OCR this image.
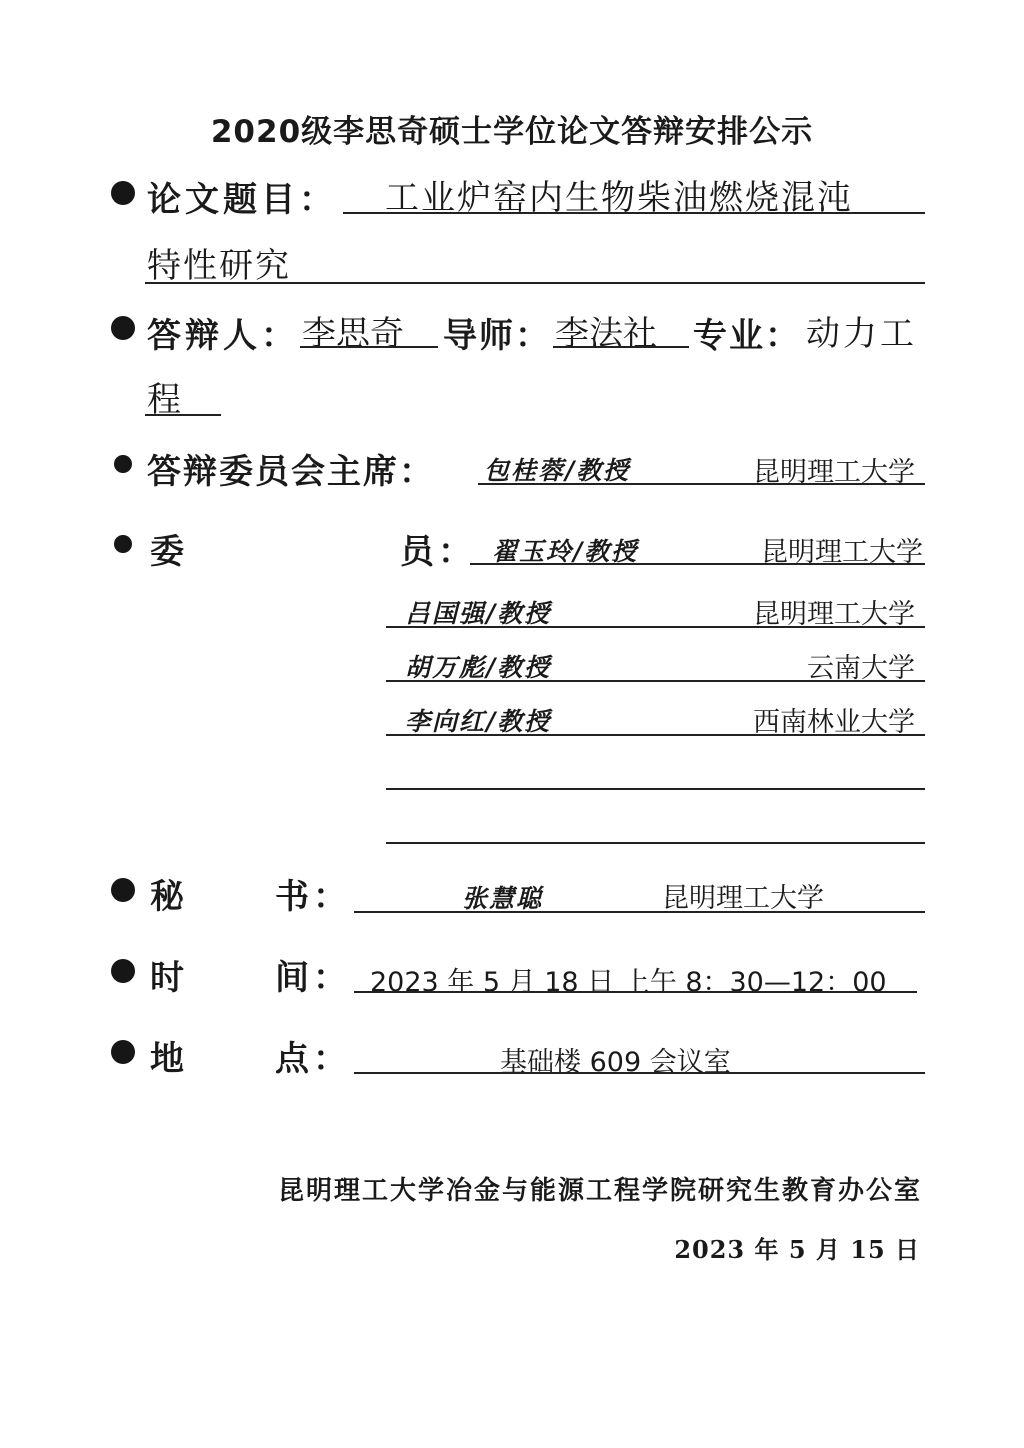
2020级李思奇硕士学位论文答辩安排公示
论文题目： 工业炉窑内生物柴油燃烧混沌
特性研究
答辩人： 李思奇 导师： 李法社 专业： 动力工
程
答辩委员会主席： 包桂蓉/教授	昆明理工大学
委	员： 翟玉玲/教授	昆明理工大学
吕国强/教授	昆明理工大学
胡万彪/教授	云南大学
李向红/教授	西南林业大学
秘	书：	张慧聪	昆明理工大学
时	间： 2023 年 5 月 18 日 上午 8：30—12：00
地	点：	基础楼 609 会议室
昆明理工大学冶金与能源工程学院研究生教育办公室
2023 年 5 月 15 日
